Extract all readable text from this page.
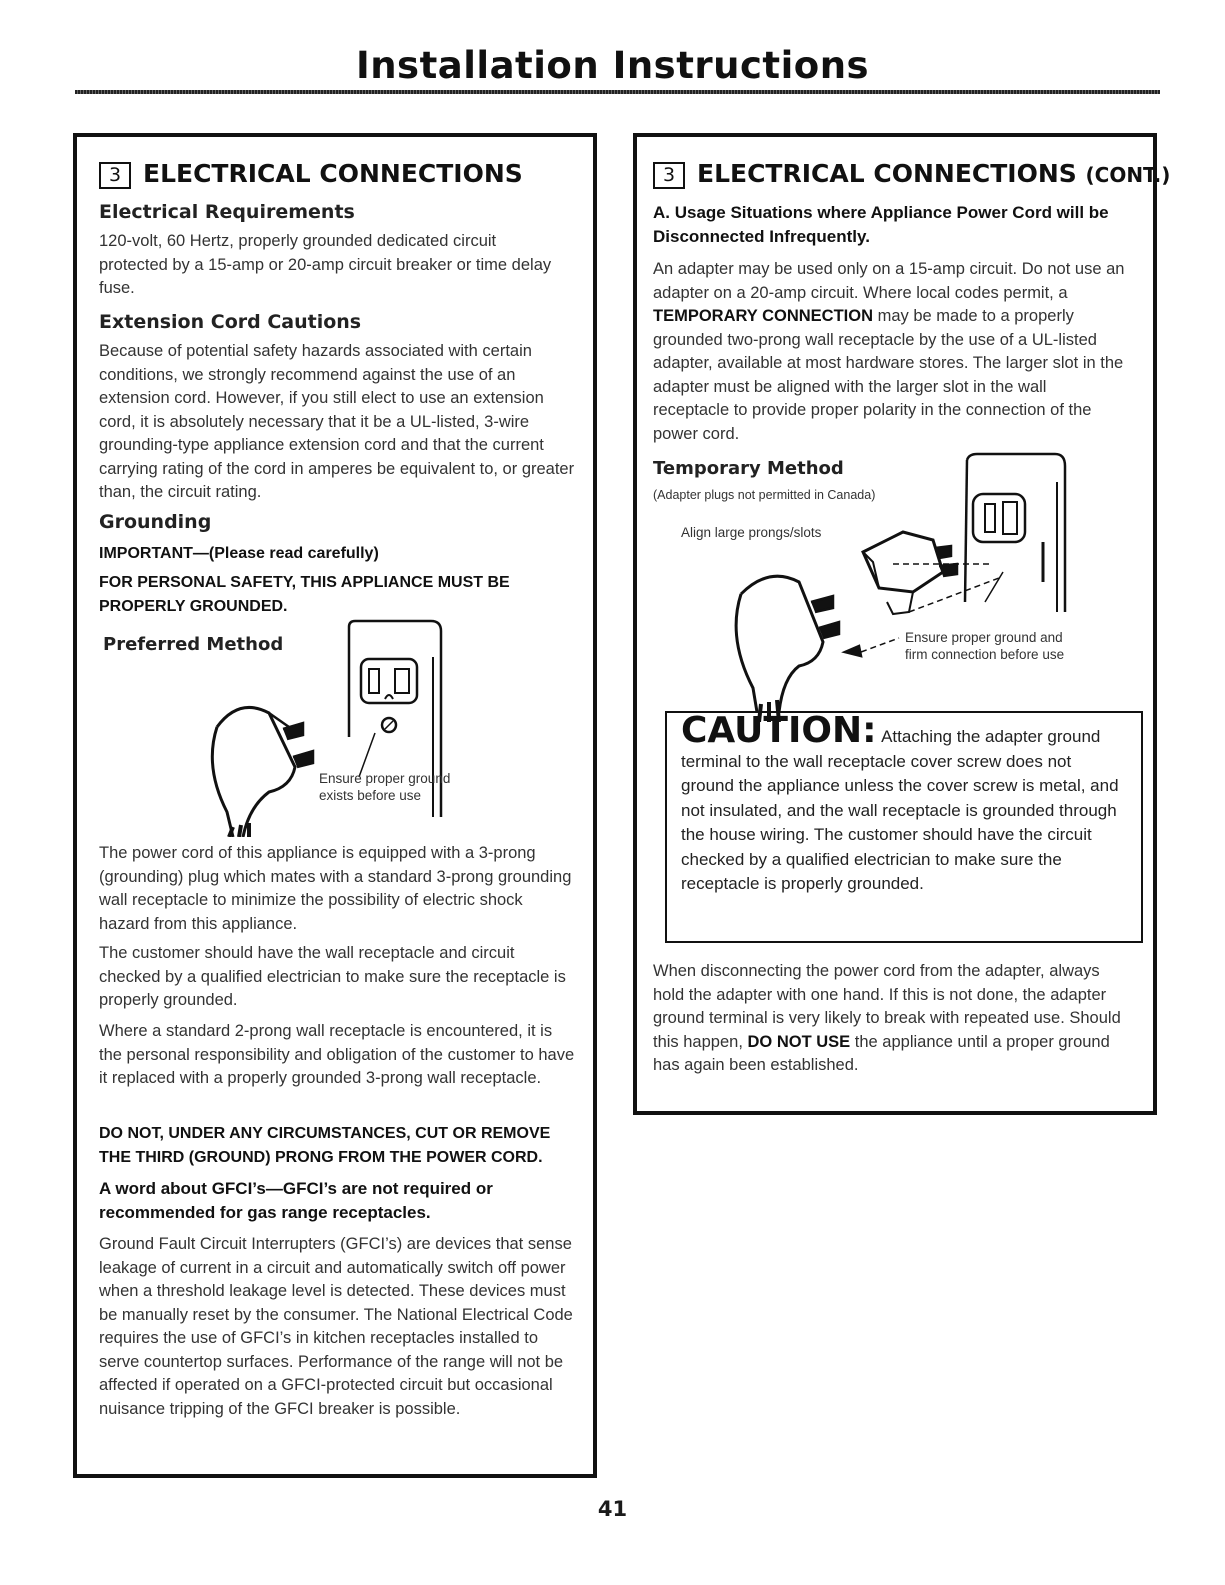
Installation Instructions
3 ELECTRICAL CONNECTIONS
Electrical Requirements
120-volt, 60 Hertz, properly grounded dedicated circuit protected by a 15-amp or 20-amp circuit breaker or time delay fuse.
Extension Cord Cautions
Because of potential safety hazards associated with certain conditions, we strongly recommend against the use of an extension cord. However, if you still elect to use an extension cord, it is absolutely necessary that it be a UL-listed, 3-wire grounding-type appliance extension cord and that the current carrying rating of the cord in amperes be equivalent to, or greater than, the circuit rating.
Grounding
IMPORTANT—(Please read carefully)
FOR PERSONAL SAFETY, THIS APPLIANCE MUST BE PROPERLY GROUNDED.
Preferred Method
Ensure proper ground exists before use
The power cord of this appliance is equipped with a 3-prong (grounding) plug which mates with a standard 3-prong grounding wall receptacle to minimize the possibility of electric shock hazard from this appliance.
The customer should have the wall receptacle and circuit checked by a qualified electrician to make sure the receptacle is properly grounded.
Where a standard 2-prong wall receptacle is encountered, it is the personal responsibility and obligation of the customer to have it replaced with a properly grounded 3-prong wall receptacle.
DO NOT, UNDER ANY CIRCUMSTANCES, CUT OR REMOVE THE THIRD (GROUND) PRONG FROM THE POWER CORD.
A word about GFCI’s—GFCI’s are not required or recommended for gas range receptacles.
Ground Fault Circuit Interrupters (GFCI’s) are devices that sense leakage of current in a circuit and automatically switch off power when a threshold leakage level is detected. These devices must be manually reset by the consumer. The National Electrical Code requires the use of GFCI’s in kitchen receptacles installed to serve countertop surfaces. Performance of the range will not be affected if operated on a GFCI-protected circuit but occasional nuisance tripping of the GFCI breaker is possible.
3 ELECTRICAL CONNECTIONS (CONT.)
A. Usage Situations where Appliance Power Cord will be Disconnected Infrequently.
An adapter may be used only on a 15-amp circuit. Do not use an adapter on a 20-amp circuit. Where local codes permit, a TEMPORARY CONNECTION may be made to a properly grounded two-prong wall receptacle by the use of a UL-listed adapter, available at most hardware stores. The larger slot in the adapter must be aligned with the larger slot in the wall receptacle to provide proper polarity in the connection of the power cord.
Temporary Method
(Adapter plugs not permitted in Canada)
Align large prongs/slots
Ensure proper ground and firm connection before use
CAUTION: Attaching the adapter ground terminal to the wall receptacle cover screw does not ground the appliance unless the cover screw is metal, and not insulated, and the wall receptacle is grounded through the house wiring. The customer should have the circuit checked by a qualified electrician to make sure the receptacle is properly grounded.
When disconnecting the power cord from the adapter, always hold the adapter with one hand. If this is not done, the adapter ground terminal is very likely to break with repeated use. Should this happen, DO NOT USE the appliance until a proper ground has again been established.
41
